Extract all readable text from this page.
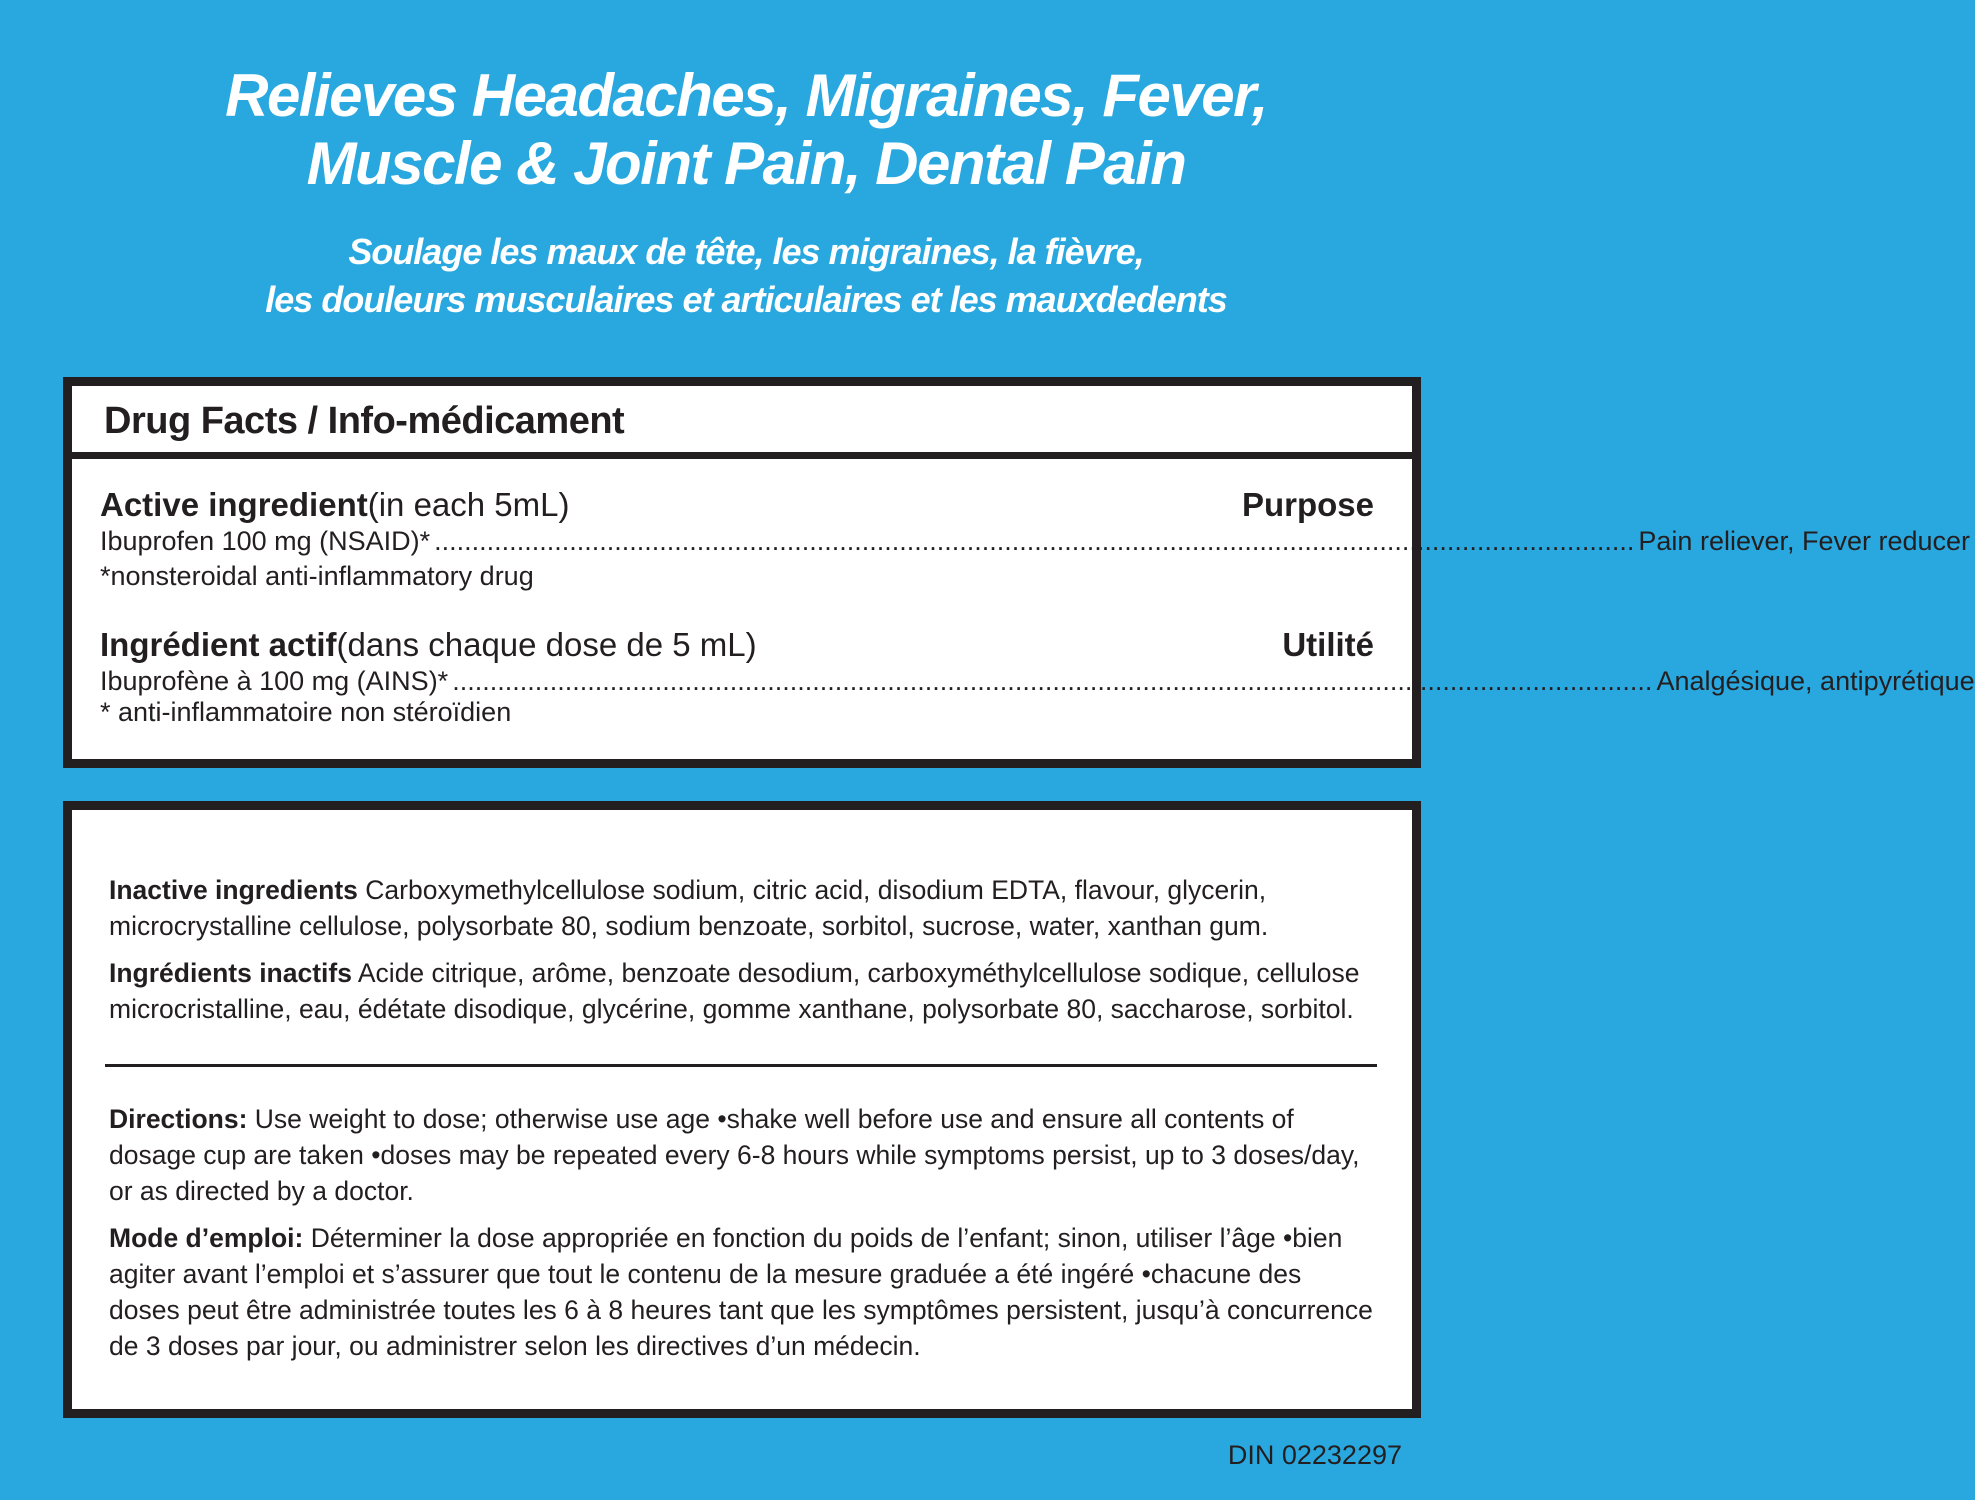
Relieves Headaches, Migraines, Fever,
Muscle & Joint Pain, Dental Pain
Soulage les maux de tête, les migraines, la fièvre,
les douleurs musculaires et articulaires et les mauxdedents
Drug Facts / Info-médicament
Active ingredient(in each 5mL)	Purpose
Ibuprofen 100 mg (NSAID)* ................................................................................................................................................................ Pain reliever, Fever reducer
*nonsteroidal anti-inflammatory drug
Ingrédient actif(dans chaque dose de 5 mL)	Utilité
Ibuprofène à 100 mg (AINS)* ................................................................................................................................................................ Analgésique, antipyrétique
* anti-inflammatoire non stéroïdien
Inactive ingredients Carboxymethylcellulose sodium, citric acid, disodium EDTA, flavour, glycerin, microcrystalline cellulose, polysorbate 80, sodium benzoate, sorbitol, sucrose, water, xanthan gum.
Ingrédients inactifs Acide citrique, arôme, benzoate desodium, carboxyméthylcellulose sodique, cellulose microcristalline, eau, édétate disodique, glycérine, gomme xanthane, polysorbate 80, saccharose, sorbitol.
Directions: Use weight to dose; otherwise use age •shake well before use and ensure all contents of dosage cup are taken •doses may be repeated every 6-8 hours while symptoms persist, up to 3 doses/day, or as directed by a doctor.
Mode d’emploi: Déterminer la dose appropriée en fonction du poids de l’enfant; sinon, utiliser l’âge •bien agiter avant l’emploi et s’assurer que tout le contenu de la mesure graduée a été ingéré •chacune des doses peut être administrée toutes les 6 à 8 heures tant que les symptômes persistent, jusqu’à concurrence de 3 doses par jour, ou administrer selon les directives d’un médecin.
DIN 02232297
